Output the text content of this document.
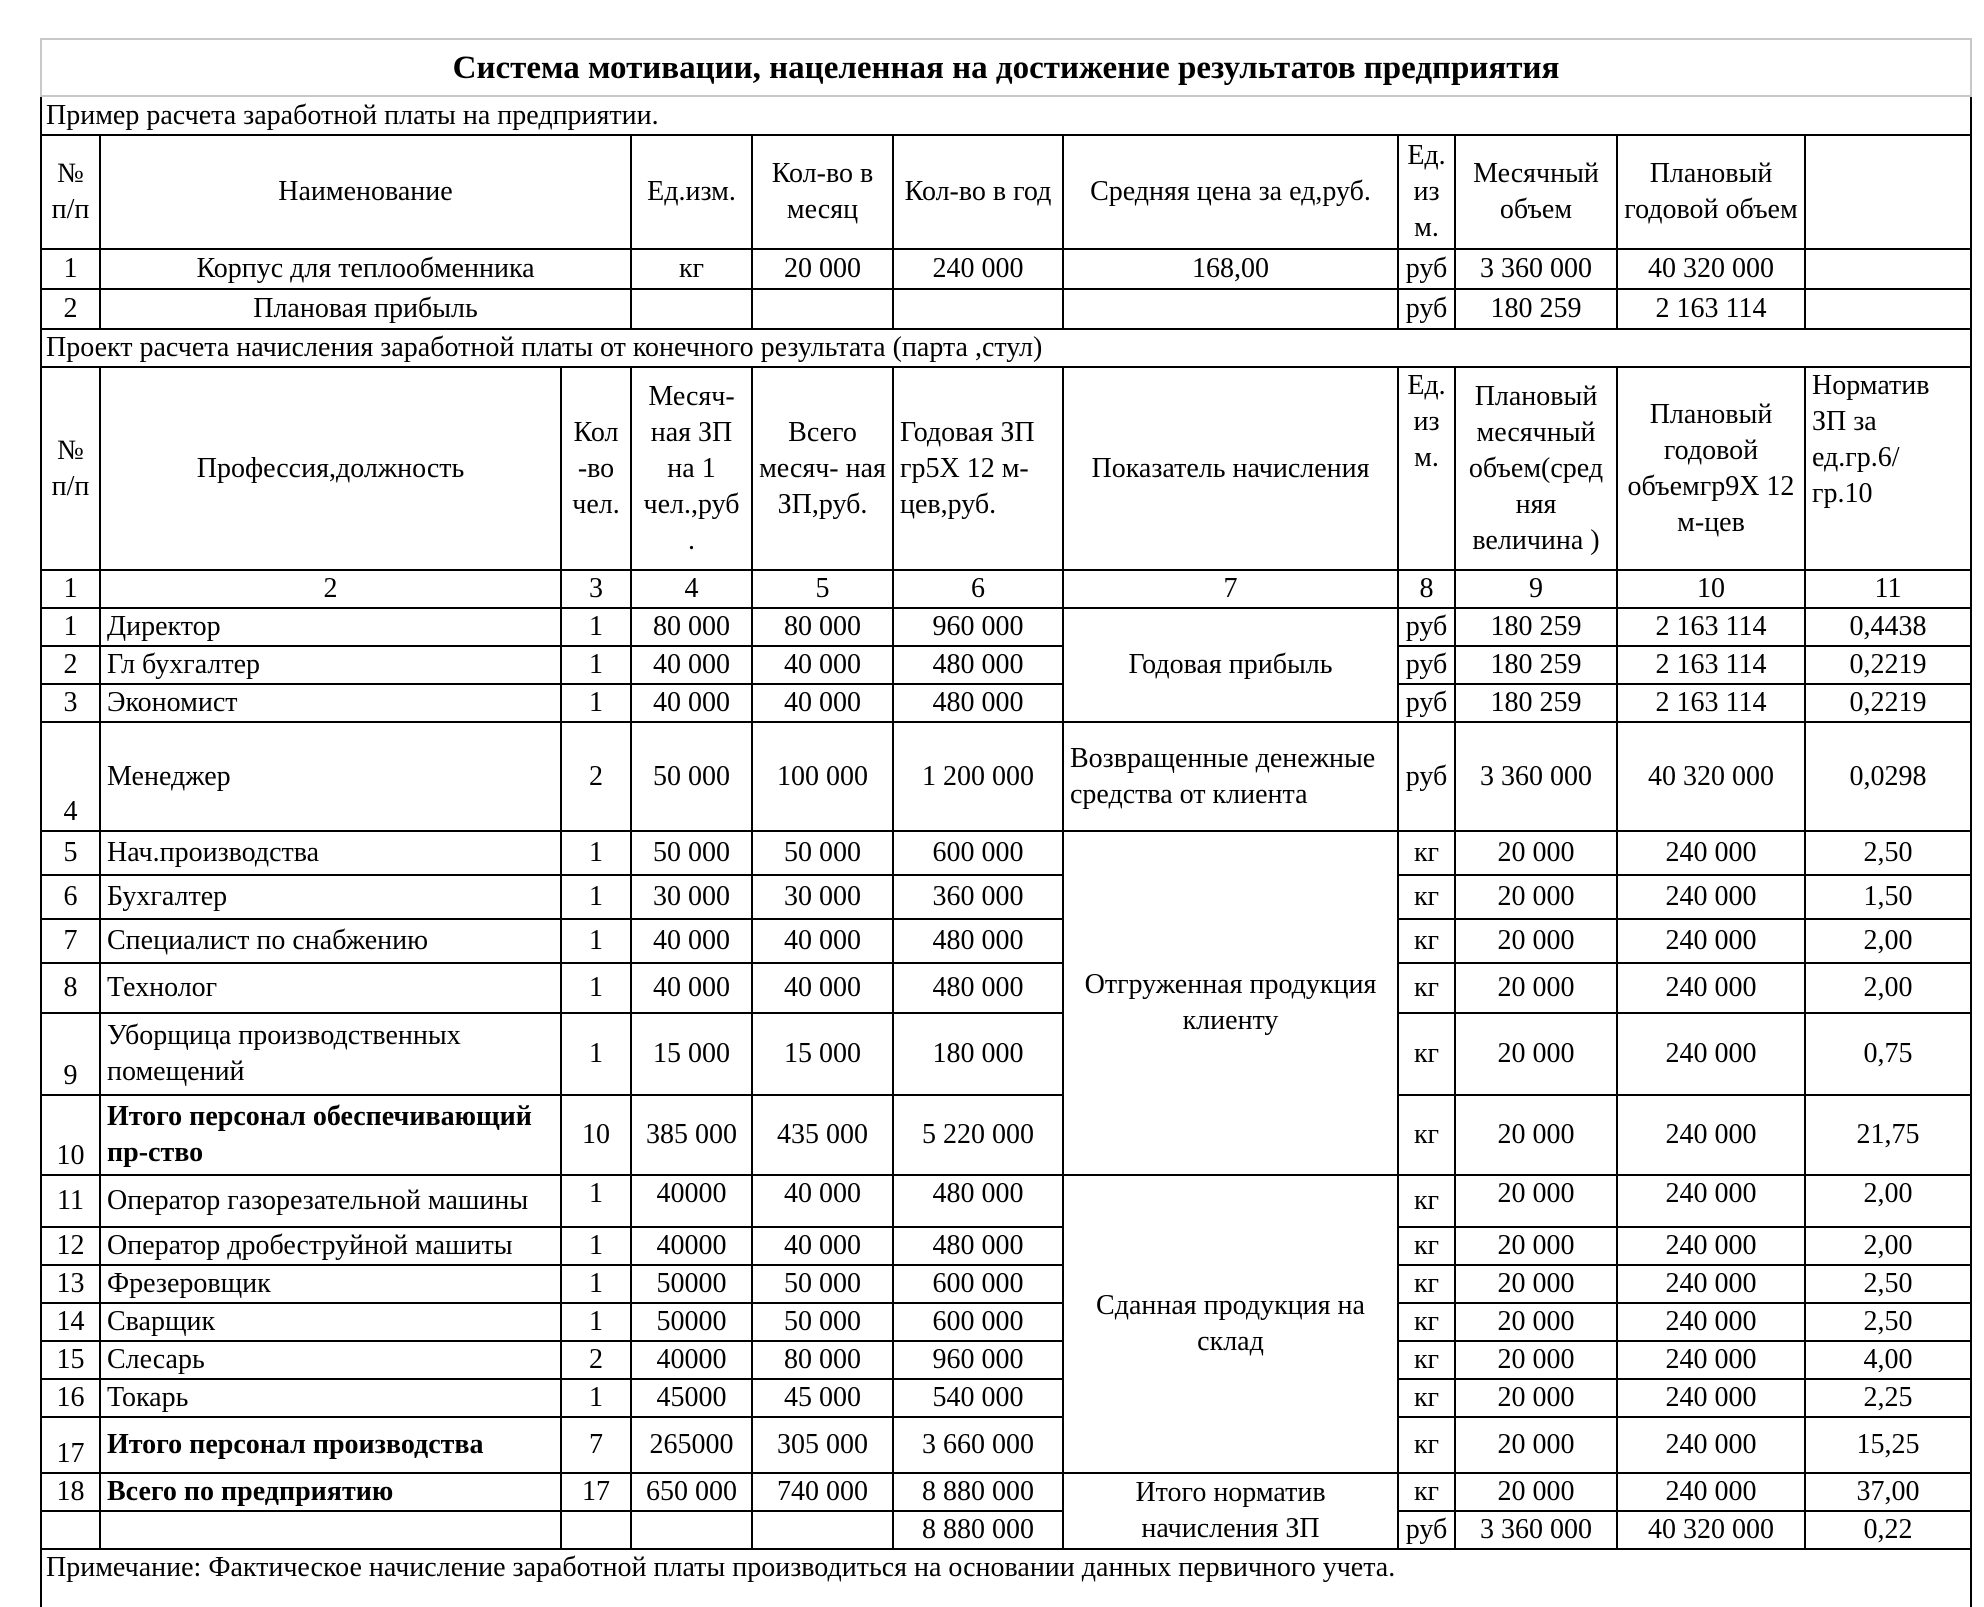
Система мотивации, нацеленная на достижение результатов предприятия										
Пример расчета заработной платы на предприятии.										
№ п/п	Наименование		Ед.изм.	Кол-во в месяц	Кол-во в год	Средняя цена за ед,руб.	Ед. из м.	Месячный объем	Плановый годовой объем	
1	Корпус для теплообменника		кг	20 000	240 000	168,00	руб	3 360 000	40 320 000	
2	Плановая прибыль						руб	180 259	2 163 114	
Проект расчета начисления заработной платы от конечного результата (парта ,стул)										
№ п/п	Профессия,должность	Кол -во чел.	Месяч- ная ЗП на 1 чел.,руб .	Всего месяч- ная ЗП,руб.	Годовая ЗП гр5Х 12 м-цев,руб.	Показатель начисления	Ед. из м.	Плановый месячный объем(сред няя величина )	Плановый годовой объемгр9Х 12 м-цев	Норматив ЗП за ед.гр.6/ гр.10
1	2	3	4	5	6	7	8	9	10	11
1	Директор	1	80 000	80 000	960 000	Годовая прибыль	руб	180 259	2 163 114	0,4438
2	Гл бухгалтер	1	40 000	40 000	480 000		руб	180 259	2 163 114	0,2219
3	Экономист	1	40 000	40 000	480 000		руб	180 259	2 163 114	0,2219
4	Менеджер	2	50 000	100 000	1 200 000	Возвращенные денежные средства от клиента	руб	3 360 000	40 320 000	0,0298
5	Нач.производства	1	50 000	50 000	600 000	Отгруженная продукция клиенту	кг	20 000	240 000	2,50
6	Бухгалтер	1	30 000	30 000	360 000		кг	20 000	240 000	1,50
7	Специалист по снабжению	1	40 000	40 000	480 000		кг	20 000	240 000	2,00
8	Технолог	1	40 000	40 000	480 000		кг	20 000	240 000	2,00
9	Уборщица производственных помещений	1	15 000	15 000	180 000		кг	20 000	240 000	0,75
10	Итого персонал обеспечивающий пр-ство	10	385 000	435 000	5 220 000		кг	20 000	240 000	21,75
11	Оператор газорезательной машины	1	40000	40 000	480 000	Сданная продукция на склад	кг	20 000	240 000	2,00
12	Оператор дробеструйной машиты	1	40000	40 000	480 000		кг	20 000	240 000	2,00
13	Фрезеровщик	1	50000	50 000	600 000		кг	20 000	240 000	2,50
14	Сварщик	1	50000	50 000	600 000		кг	20 000	240 000	2,50
15	Слесарь	2	40000	80 000	960 000		кг	20 000	240 000	4,00
16	Токарь	1	45000	45 000	540 000		кг	20 000	240 000	2,25
17	Итого персонал производства	7	265000	305 000	3 660 000		кг	20 000	240 000	15,25
18	Всего по предприятию	17	650 000	740 000	8 880 000	Итого норматив начисления ЗП	кг	20 000	240 000	37,00
					8 880 000		руб	3 360 000	40 320 000	0,22
Примечание: Фактическое начисление заработной платы производиться на основании данных первичного учета.										
